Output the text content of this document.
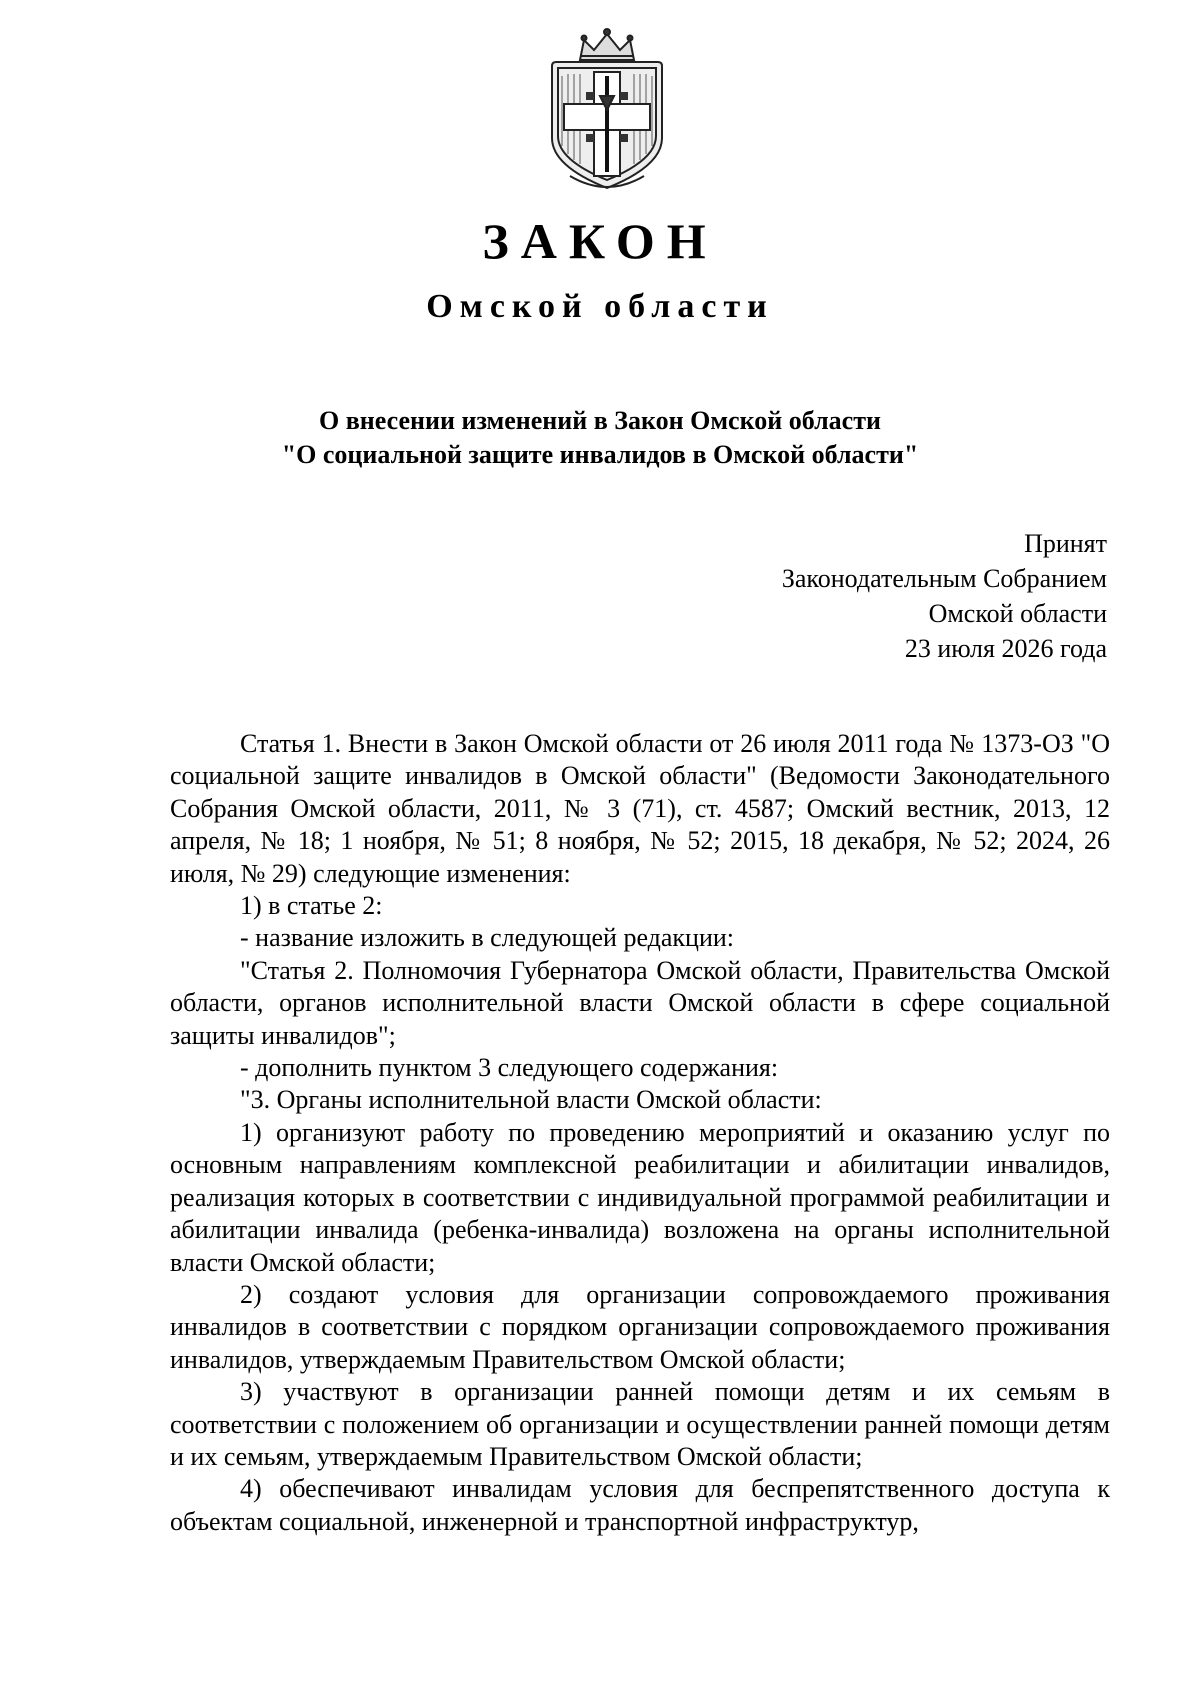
ЗАКОН
Омской области
О внесении изменений в Закон Омской области
"О социальной защите инвалидов в Омской области"
Принят
Законодательным Собранием
Омской области
23 июля 2026 года

Статья 1. Внести в Закон Омской области от 26 июля 2011 года № 1373-ОЗ "О социальной защите инвалидов в Омской области" (Ведомости Законодательного Собрания Омской области, 2011, № 3 (71), ст. 4587; Омский вестник, 2013, 12 апреля, № 18; 1 ноября, № 51; 8 ноября, № 52; 2015, 18 декабря, № 52; 2024, 26 июля, № 29) следующие изменения:

1) в статье 2:

- название изложить в следующей редакции:

"Статья 2. Полномочия Губернатора Омской области, Правительства Омской области, органов исполнительной власти Омской области в сфере социальной защиты инвалидов";

- дополнить пунктом 3 следующего содержания:

"3. Органы исполнительной власти Омской области:

1) организуют работу по проведению мероприятий и оказанию услуг по основным направлениям комплексной реабилитации и абилитации инвалидов, реализация которых в соответствии с индивидуальной программой реабилитации и абилитации инвалида (ребенка-инвалида) возложена на органы исполнительной власти Омской области;

2) создают условия для организации сопровождаемого проживания инвалидов в соответствии с порядком организации сопровождаемого проживания инвалидов, утверждаемым Правительством Омской области;

3) участвуют в организации ранней помощи детям и их семьям в соответствии с положением об организации и осуществлении ранней помощи детям и их семьям, утверждаемым Правительством Омской области;

4) обеспечивают инвалидам условия для беспрепятственного доступа к объектам социальной, инженерной и транспортной инфраструктур,
